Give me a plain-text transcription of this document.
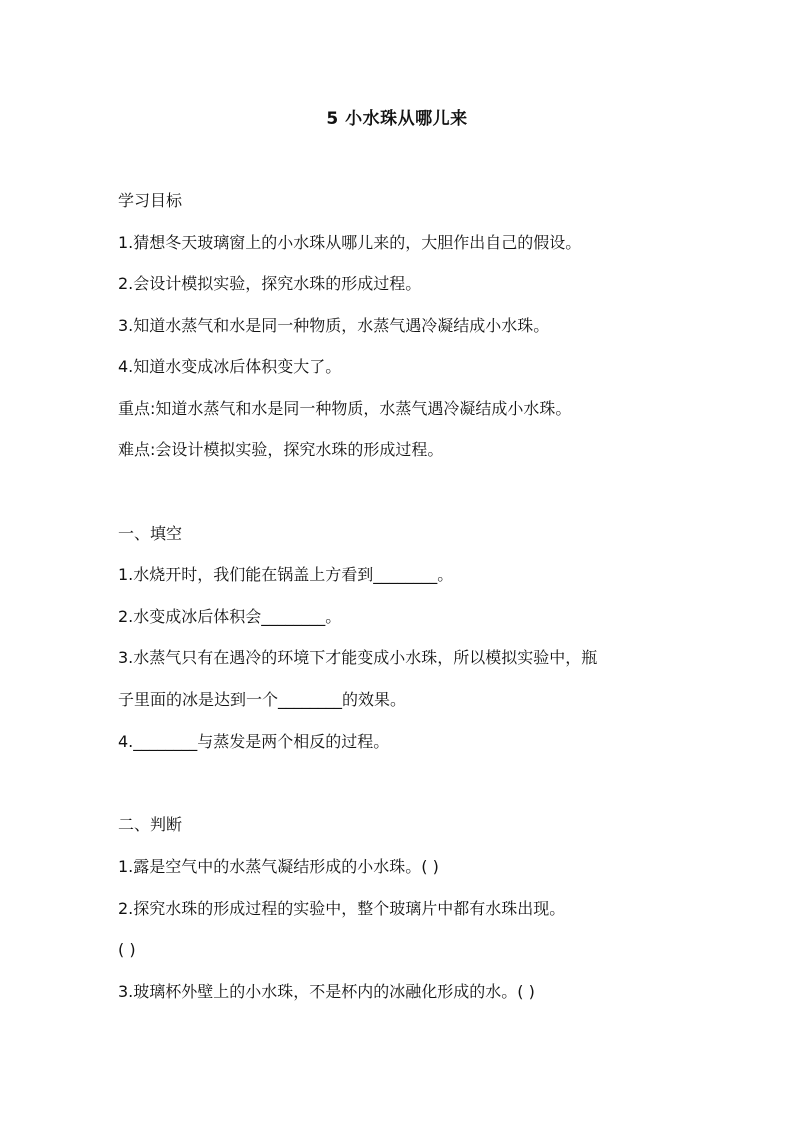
5 小水珠从哪儿来
学习目标
1.猜想冬天玻璃窗上的小水珠从哪儿来的，大胆作出自己的假设。
2.会设计模拟实验，探究水珠的形成过程。
3.知道水蒸气和水是同一种物质，水蒸气遇冷凝结成小水珠。
4.知道水变成冰后体积变大了。
重点:知道水蒸气和水是同一种物质，水蒸气遇冷凝结成小水珠。
难点:会设计模拟实验，探究水珠的形成过程。
一、填空
1.水烧开时，我们能在锅盖上方看到________。
2.水变成冰后体积会________。
3.水蒸气只有在遇冷的环境下才能变成小水珠，所以模拟实验中，瓶
子里面的冰是达到一个________的效果。
4.________与蒸发是两个相反的过程。
二、判断
1.露是空气中的水蒸气凝结形成的小水珠。( )
2.探究水珠的形成过程的实验中，整个玻璃片中都有水珠出现。
( )
3.玻璃杯外壁上的小水珠，不是杯内的冰融化形成的水。( )
